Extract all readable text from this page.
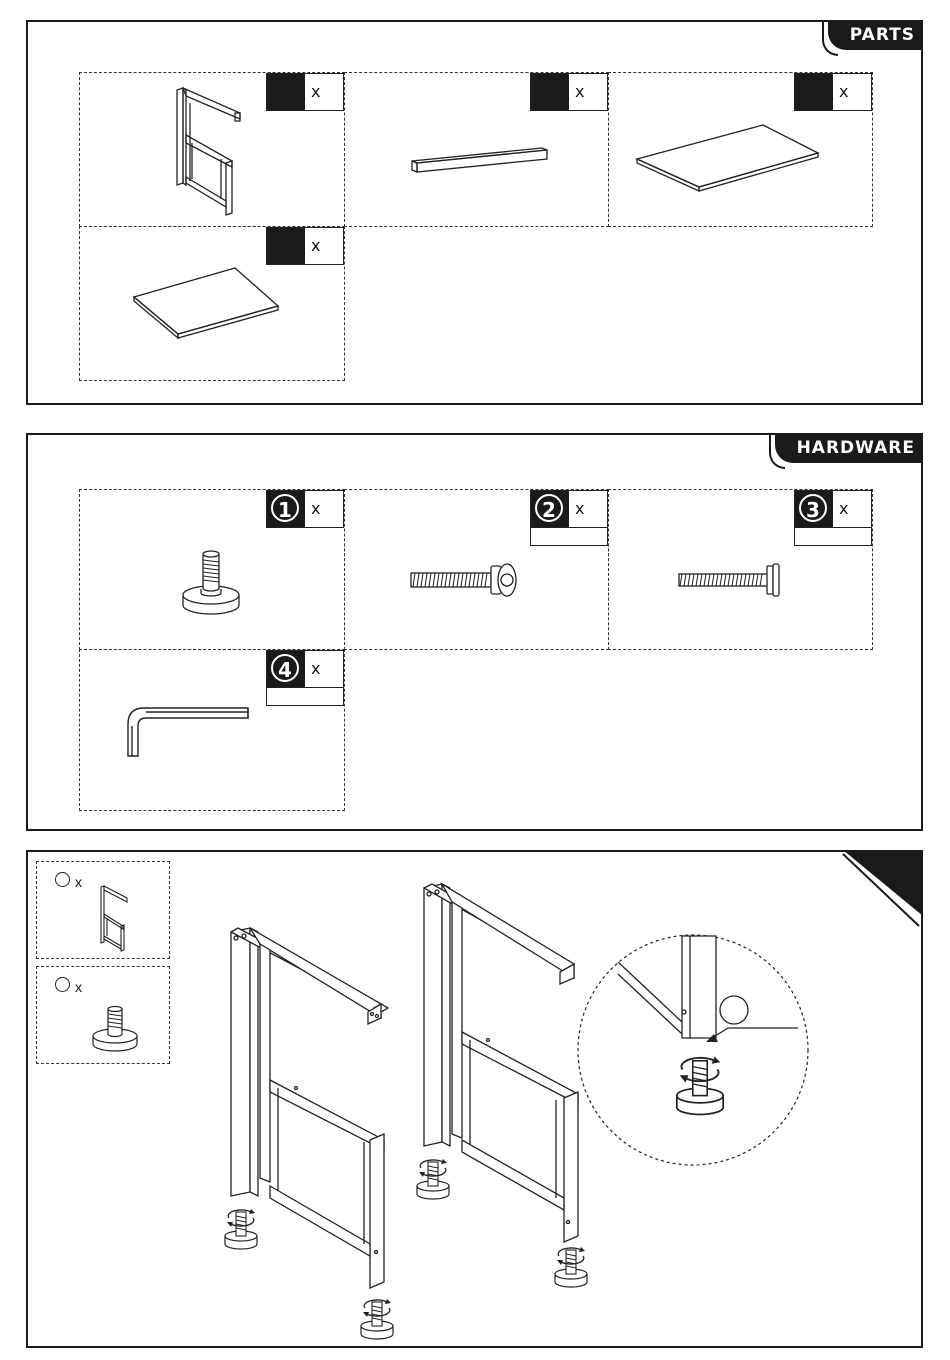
PARTS
x	x	x
x
HARDWARE
1	x	2	x	3	x
4	x
x
x
